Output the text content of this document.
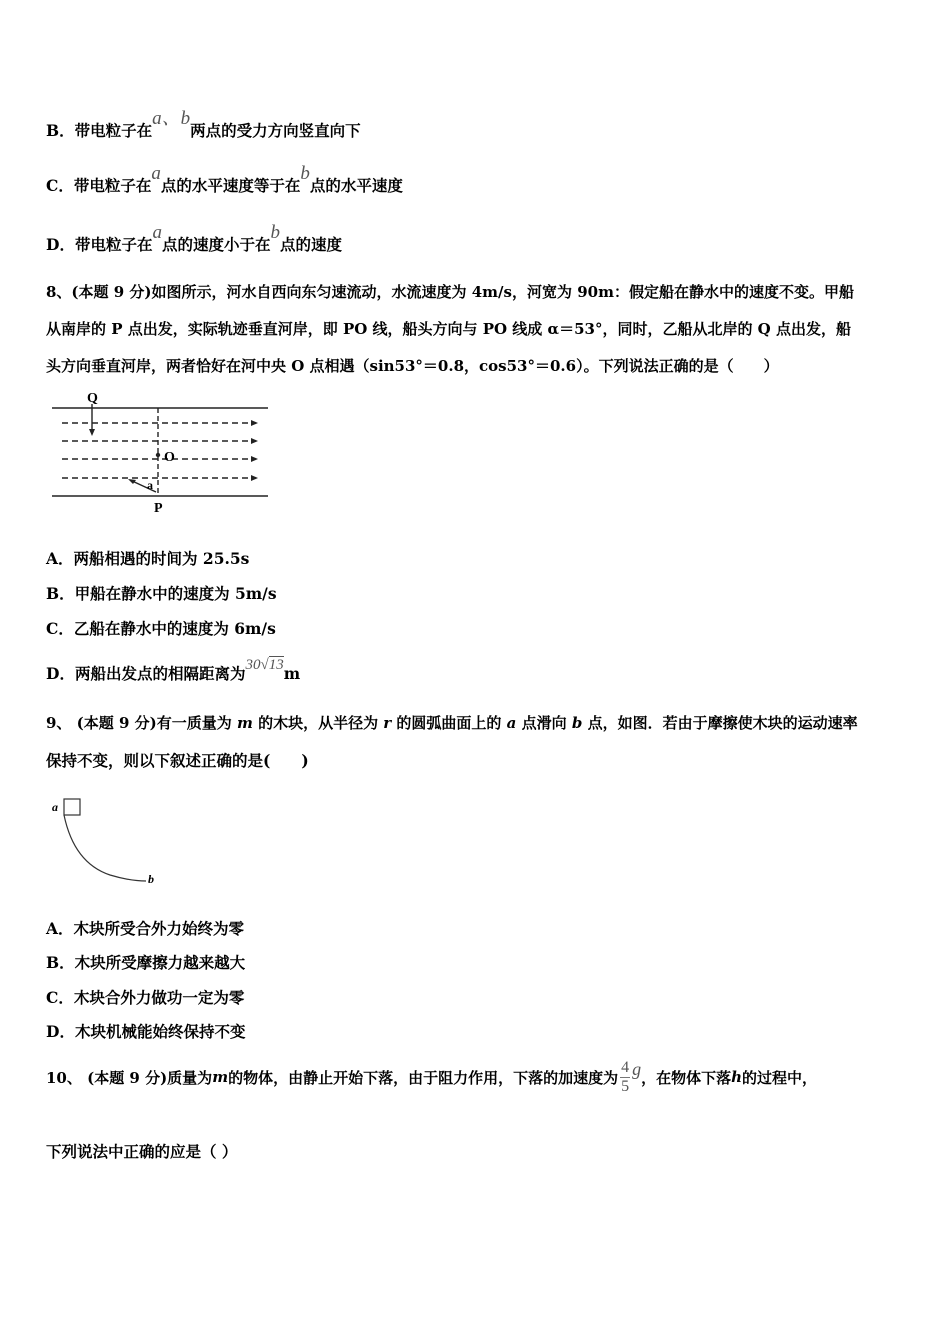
B．带电粒子在a、b两点的受力方向竖直向下
C．带电粒子在a点的水平速度等于在b点的水平速度
D．带电粒子在a点的速度小于在b点的速度
8、(本题 9 分)如图所示，河水自西向东匀速流动，水流速度为 4m/s，河宽为 90m：假定船在静水中的速度不变。甲船
从南岸的 P 点出发，实际轨迹垂直河岸，即 PO 线，船头方向与 PO 线成 α＝53°，同时，乙船从北岸的 Q 点出发，船
头方向垂直河岸，两者恰好在河中央 O 点相遇（sin53°＝0.8，cos53°＝0.6）。下列说法正确的是（　　）
Q
O
P
a
A．两船相遇的时间为 25.5s
B．甲船在静水中的速度为 5m/s
C．乙船在静水中的速度为 6m/s
D．两船出发点的相隔距离为30√13m
9、 (本题 9 分)有一质量为 m 的木块，从半径为 r 的圆弧曲面上的 a 点滑向 b 点，如图．若由于摩擦使木块的运动速率
保持不变，则以下叙述正确的是(　　)
a
b
A．木块所受合外力始终为零
B．木块所受摩擦力越来越大
C．木块合外力做功一定为零
D．木块机械能始终保持不变
10、 (本题 9 分)质量为 m 的物体，由静止开始下落，由于阻力作用，下落的加速度为
4
5
g ，在物体下落 h 的过程中，
下列说法中正确的应是（ ）
